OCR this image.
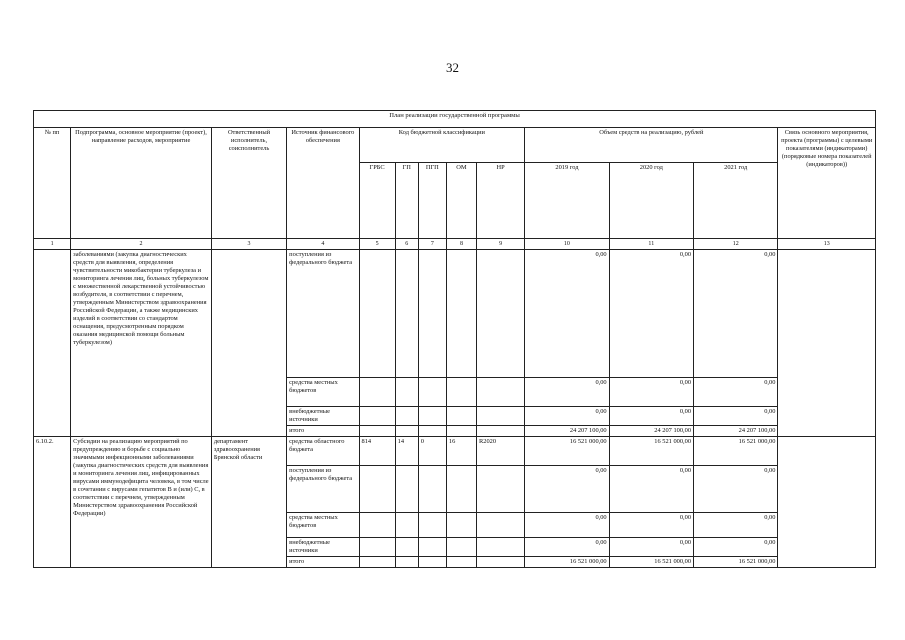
32
План реализации государственной программы												
№ пп	Подпрограмма, основное мероприятие (проект), направление расходов, мероприятие	Ответственный исполнитель, соисполнитель	Источник финансового обеспечения	Код бюджетной классификации					Объем средств на реализацию, рублей			Связь основного мероприятия, проекта (программы) с целевыми показателями (индикаторами) (порядковые номера показателей (индикаторов))
				ГРБС	ГП	ПГП	ОМ	НР	2019 год	2020 год	2021 год	
1	2	3	4	5	6	7	8	9	10	11	12	13
	заболеваниями (закупка диагностических средств для выявления, определения чувствительности микобактерии туберкулеза и мониторинга лечения лиц, больных туберкулезом с множественной лекарственной устойчивостью возбудителя, в соответствии с перечнем, утвержденным Министерством здравоохранения Российской Федерации, а также медицинских изделий в соответствии со стандартом оснащения, предусмотренным порядком оказания медицинской помощи больным туберкулезом)		поступления из федерального бюджета						0,00	0,00	0,00	
			средства местных бюджетов						0,00	0,00	0,00	
			внебюджетные источники						0,00	0,00	0,00	
			итого						24 207 100,00	24 207 100,00	24 207 100,00	
6.10.2.	Субсидии на реализацию мероприятий по предупреждению и борьбе с социально значимыми инфекционными заболеваниями (закупка диагностических средств для выявления и мониторинга лечения лиц, инфицированных вирусами иммунодефицита человека, в том числе в сочетании с вирусами гепатитов В и (или) С, в соответствии с перечнем, утвержденным Министерством здравоохранения Российской Федерации)	департамент здравоохранения Брянской области	средства областного бюджета	814	14	0	16	R2020	16 521 000,00	16 521 000,00	16 521 000,00	
			поступления из федерального бюджета						0,00	0,00	0,00	
			средства местных бюджетов						0,00	0,00	0,00	
			внебюджетные источники						0,00	0,00	0,00	
			итого						16 521 000,00	16 521 000,00	16 521 000,00	
